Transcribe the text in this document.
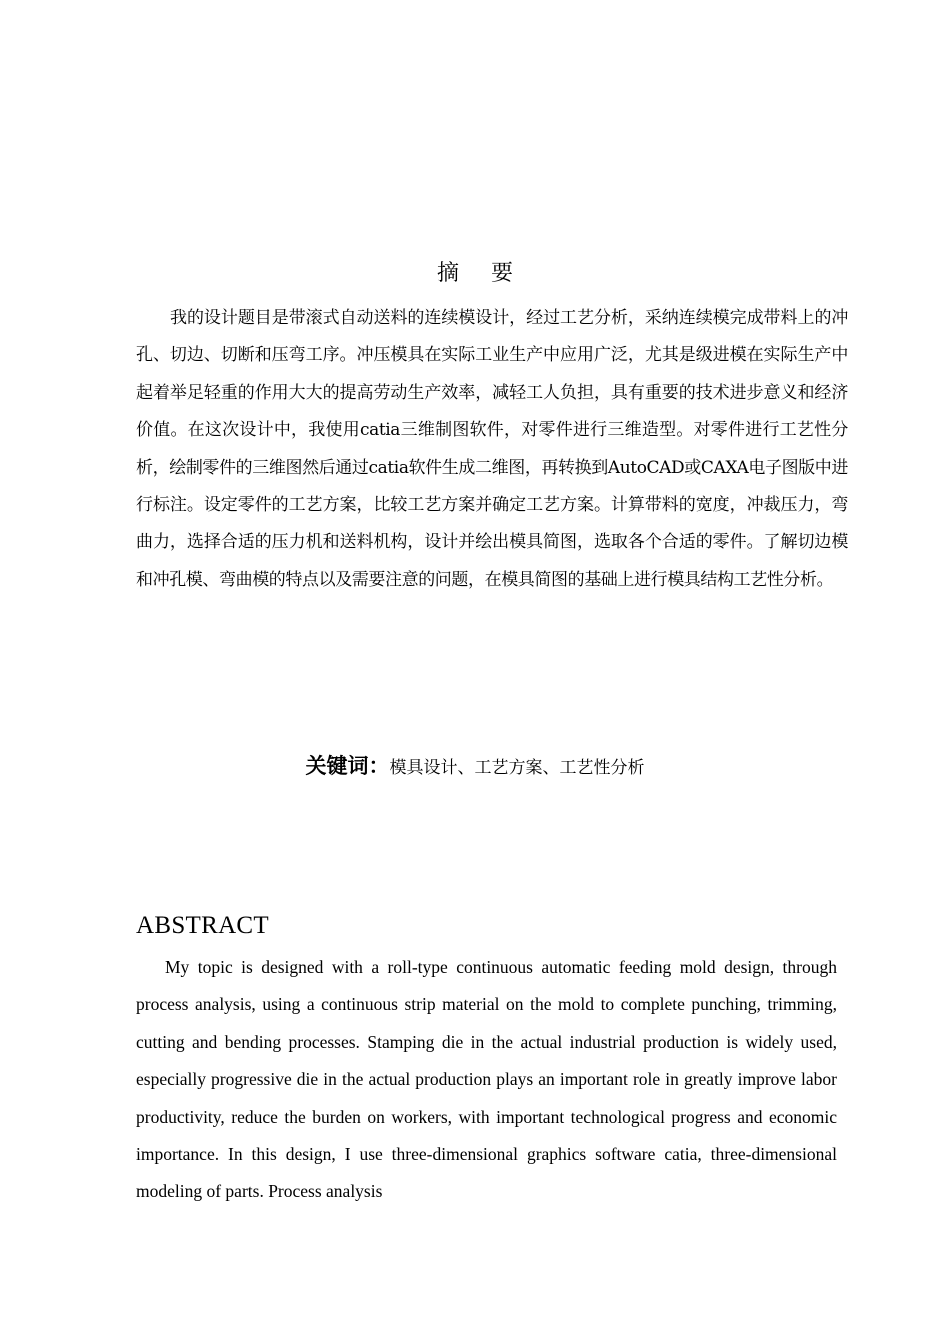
摘 要
我的设计题目是带滚式自动送料的连续模设计，经过工艺分析，采纳连续模完成带料上的冲孔、切边、切断和压弯工序。冲压模具在实际工业生产中应用广泛，尤其是级进模在实际生产中起着举足轻重的作用大大的提高劳动生产效率，减轻工人负担，具有重要的技术进步意义和经济价值。在这次设计中，我使用catia三维制图软件，对零件进行三维造型。对零件进行工艺性分析，绘制零件的三维图然后通过catia软件生成二维图，再转换到AutoCAD或CAXA电子图版中进行标注。设定零件的工艺方案，比较工艺方案并确定工艺方案。计算带料的宽度，冲裁压力，弯曲力，选择合适的压力机和送料机构，设计并绘出模具简图，选取各个合适的零件。了解切边模和冲孔模、弯曲模的特点以及需要注意的问题，在模具简图的基础上进行模具结构工艺性分析。
关键词：模具设计、工艺方案、工艺性分析
ABSTRACT
My topic is designed with a roll-type continuous automatic feeding mold design, through process analysis, using a continuous strip material on the mold to complete punching, trimming, cutting and bending processes. Stamping die in the actual industrial production is widely used, especially progressive die in the actual production plays an important role in greatly improve labor productivity, reduce the burden on workers, with important technological progress and economic importance. In this design, I use three-dimensional graphics software catia, three-dimensional modeling of parts. Process analysis
